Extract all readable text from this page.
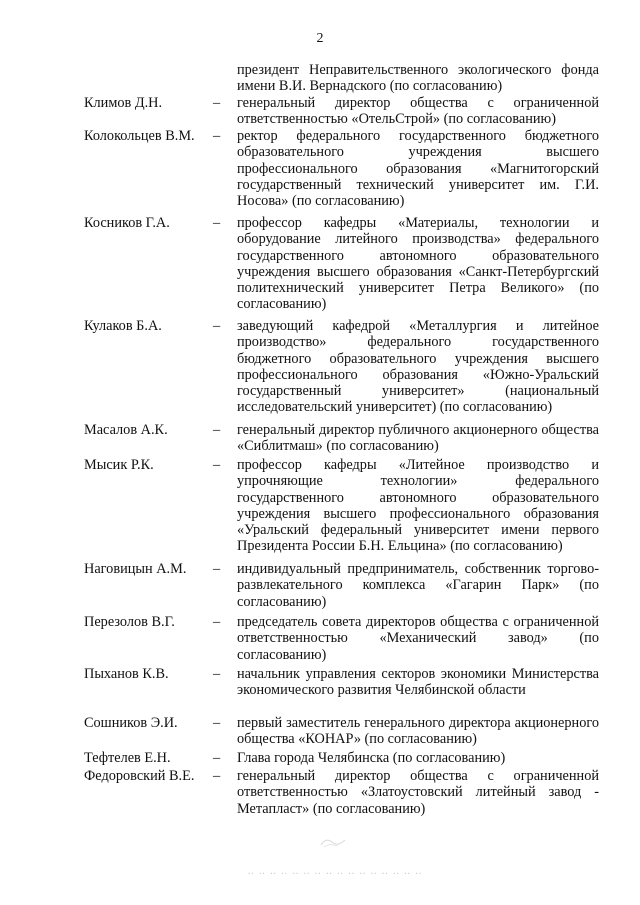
2
президент Неправительственного экологического фонда имени В.И. Вернадского (по согласованию)
Климов Д.Н.	– генеральный директор общества с ограниченной ответственностью «ОтельСтрой» (по согласованию)
Колокольцев В.М.	– ректор федерального государственного бюджетного образовательного учреждения высшего профессионального образования «Магнитогорский государственный технический университет им. Г.И. Носова» (по согласованию)
Косников Г.А.	– профессор кафедры «Материалы, технологии и оборудование литейного производства» федерального государственного автономного образовательного учреждения высшего образования «Санкт-Петербургский политехнический университет Петра Великого» (по согласованию)
Кулаков Б.А.	– заведующий кафедрой «Металлургия и литейное производство» федерального государственного бюджетного образовательного учреждения высшего профессионального образования «Южно-Уральский государственный университет» (национальный исследовательский университет) (по согласованию)
Масалов А.К.	– генеральный директор публичного акционерного общества «Сиблитмаш» (по согласованию)
Мысик Р.К.	– профессор кафедры «Литейное производство и упрочняющие технологии» федерального государственного автономного образовательного учреждения высшего профессионального образования «Уральский федеральный университет имени первого Президента России Б.Н. Ельцина» (по согласованию)
Наговицын А.М.	– индивидуальный предприниматель, собственник торгово-развлекательного комплекса «Гагарин Парк» (по согласованию)
Перезолов В.Г.	– председатель совета директоров общества с ограниченной ответственностью «Механический завод» (по согласованию)
Пыханов К.В.	– начальник управления секторов экономики Министерства экономического развития Челябинской области
Сошников Э.И.	– первый заместитель генерального директора акционерного общества «КОНАР» (по согласованию)
Тефтелев Е.Н.	– Глава города Челябинска (по согласованию)
Федоровский В.Е.	– генеральный директор общества с ограниченной ответственностью «Златоустовский литейный завод - Метапласт» (по согласованию)
‥ ‥ ‥ ‥ ‥ ‥ ‥ ‥ ‥ ‥ ‥ ‥ ‥ ‥ ‥ ‥
